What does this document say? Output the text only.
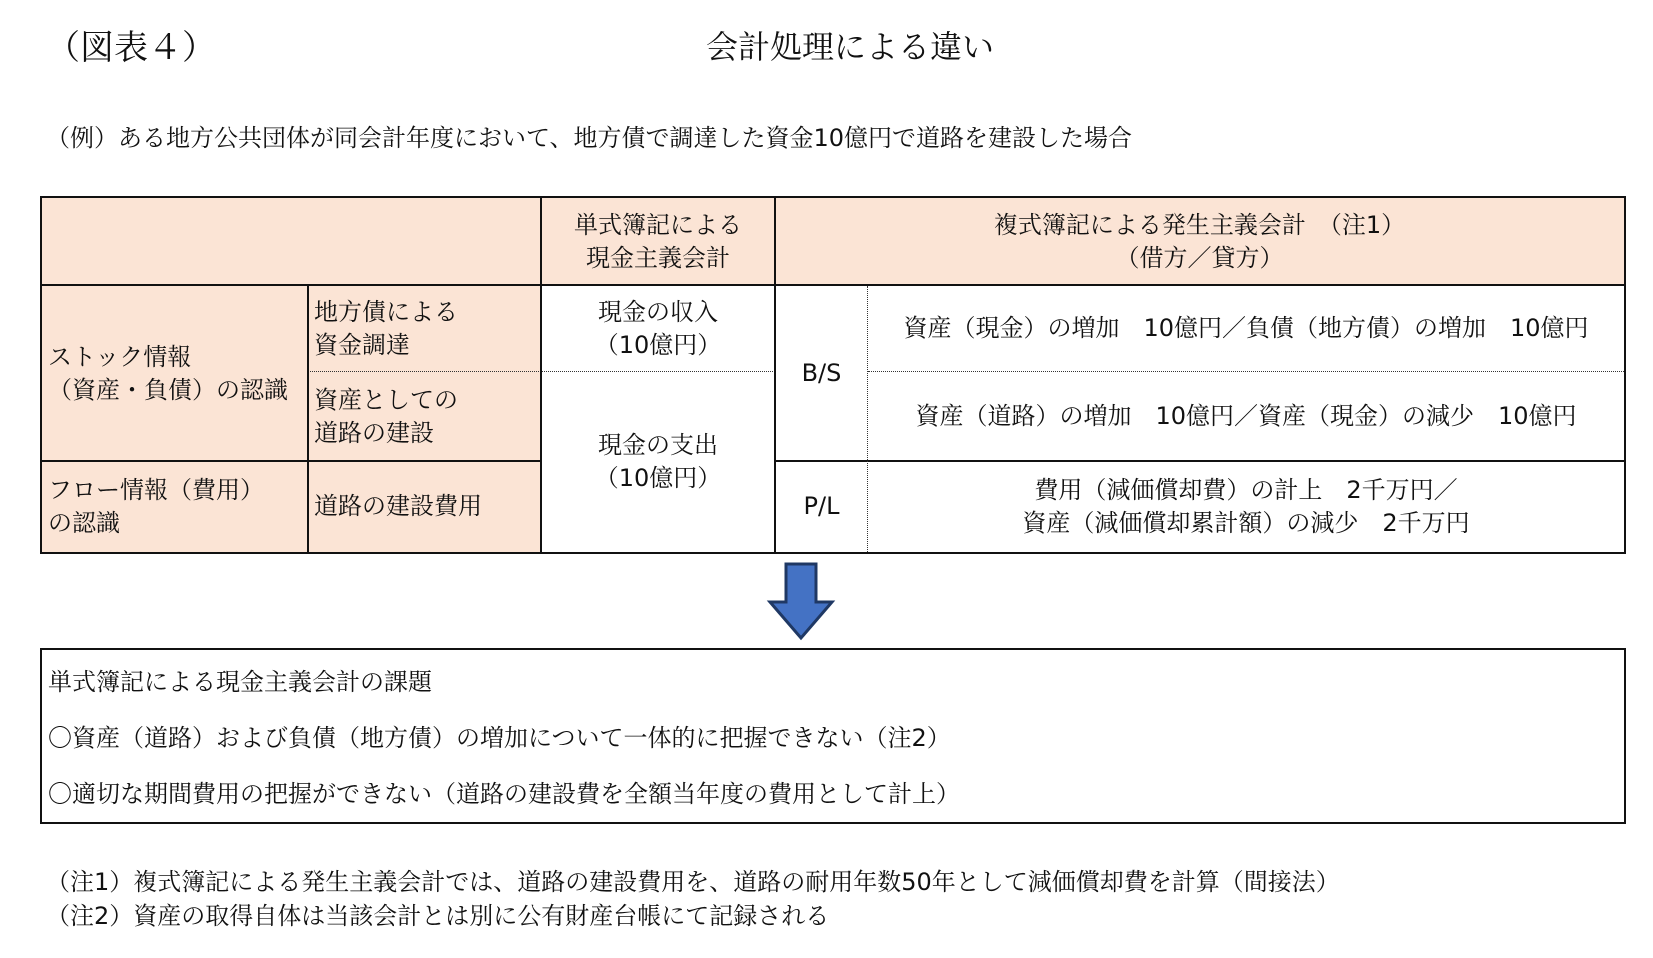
（図表４）	会計処理による違い
（例）ある地方公共団体が同会計年度において、地方債で調達した資金10億円で道路を建設した場合
単式簿記による
現金主義会計
複式簿記による発生主義会計　（注1）
（借方／貸方）
ストック情報
（資産・負債）の認識
フロー情報（費用）
の認識
地方債による
資金調達
資産としての
道路の建設
道路の建設費用
現金の収入
（10億円）
現金の支出
（10億円）
B/S
P/L
資産（現金）の増加　10億円／負債（地方債）の増加　10億円
資産（道路）の増加　10億円／資産（現金）の減少　10億円
費用（減価償却費）の計上　2千万円／
資産（減価償却累計額）の減少　2千万円
単式簿記による現金主義会計の課題
〇資産（道路）および負債（地方債）の増加について一体的に把握できない（注2）
〇適切な期間費用の把握ができない（道路の建設費を全額当年度の費用として計上）
（注1）複式簿記による発生主義会計では、道路の建設費用を、道路の耐用年数50年として減価償却費を計算（間接法）
（注2）資産の取得自体は当該会計とは別に公有財産台帳にて記録される
